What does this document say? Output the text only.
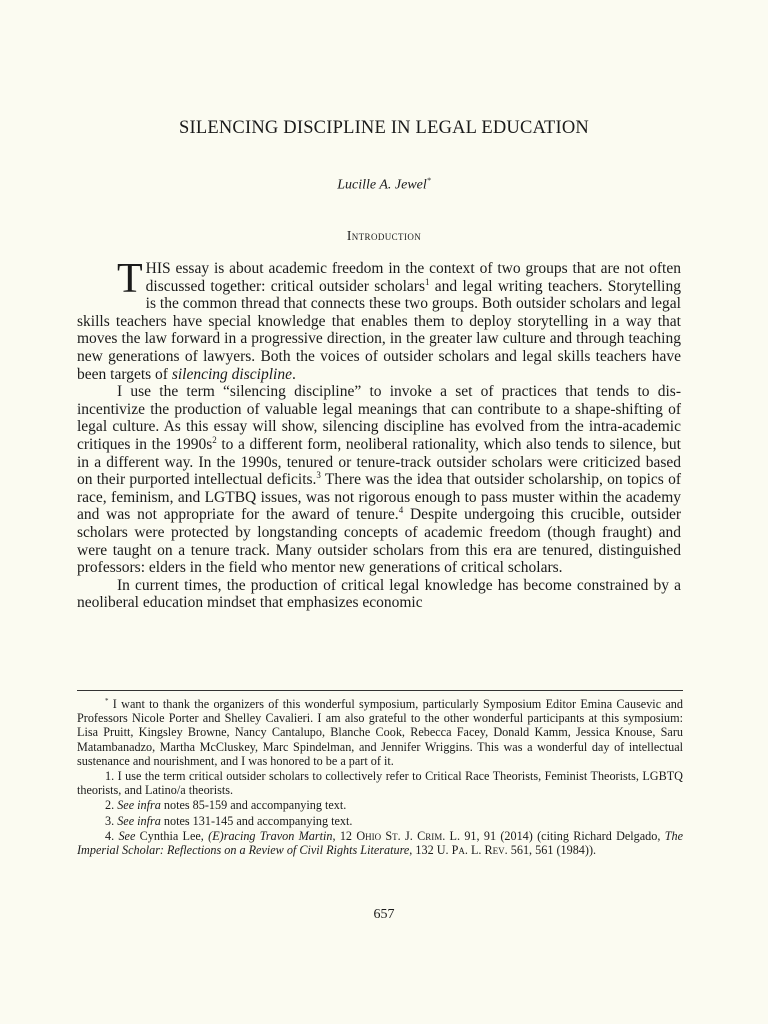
SILENCING DISCIPLINE IN LEGAL EDUCATION
Lucille A. Jewel*
Introduction

THIS essay is about academic freedom in the context of two groups that are not often discussed together: critical outsider scholars$^1$ and legal writing teachers. Storytelling is the common thread that connects these two groups. Both outsider scholars and legal skills teachers have special knowledge that enables them to deploy storytelling in a way that moves the law forward in a progressive direction, in the greater law culture and through teaching new generations of lawyers. Both the voices of outsider scholars and legal skills teachers have been targets of silencing discipline.

I use the term “silencing discipline” to invoke a set of practices that tends to dis-incentivize the production of valuable legal meanings that can contribute to a shape-shifting of legal culture. As this essay will show, silencing discipline has evolved from the intra-academic critiques in the $1990s^2$ to a different form, neoliberal rationality, which also tends to silence, but in a different way. In the 1990s, tenured or tenure-track outsider scholars were criticized based on their purported intellectual deficits.$^3$ There was the idea that outsider scholarship, on topics of race, feminism, and LGTBQ issues, was not rigorous enough to pass muster within the academy and was not appropriate for the award of tenure.$^4$ Despite undergoing this crucible, outsider scholars were protected by longstanding concepts of academic freedom (though fraught) and were taught on a tenure track. Many outsider scholars from this era are tenured, distinguished professors: elders in the field who mentor new generations of critical scholars.

In current times, the production of critical legal knowledge has become constrained by a neoliberal education mindset that emphasizes economic

* I want to thank the organizers of this wonderful symposium, particularly Symposium Editor Emina Causevic and Professors Nicole Porter and Shelley Cavalieri. I am also grateful to the other wonderful participants at this symposium: Lisa Pruitt, Kingsley Browne, Nancy Cantalupo, Blanche Cook, Rebecca Facey, Donald Kamm, Jessica Knouse, Saru Matambanadzo, Martha McCluskey, Marc Spindelman, and Jennifer Wriggins. This was a wonderful day of intellectual sustenance and nourishment, and I was honored to be a part of it.

1. I use the term critical outsider scholars to collectively refer to Critical Race Theorists, Feminist Theorists, LGBTQ theorists, and Latino/a theorists.

2. See infra notes 85-159 and accompanying text.

3. See infra notes 131-145 and accompanying text.

4. See Cynthia Lee, (E)racing Travon Martin, 12 Ohio St. J. Crim. L. 91, 91 (2014) (citing Richard Delgado, The Imperial Scholar: Reflections on a Review of Civil Rights Literature, 132 U. Pa. L. Rev. 561, 561 (1984)).

657
